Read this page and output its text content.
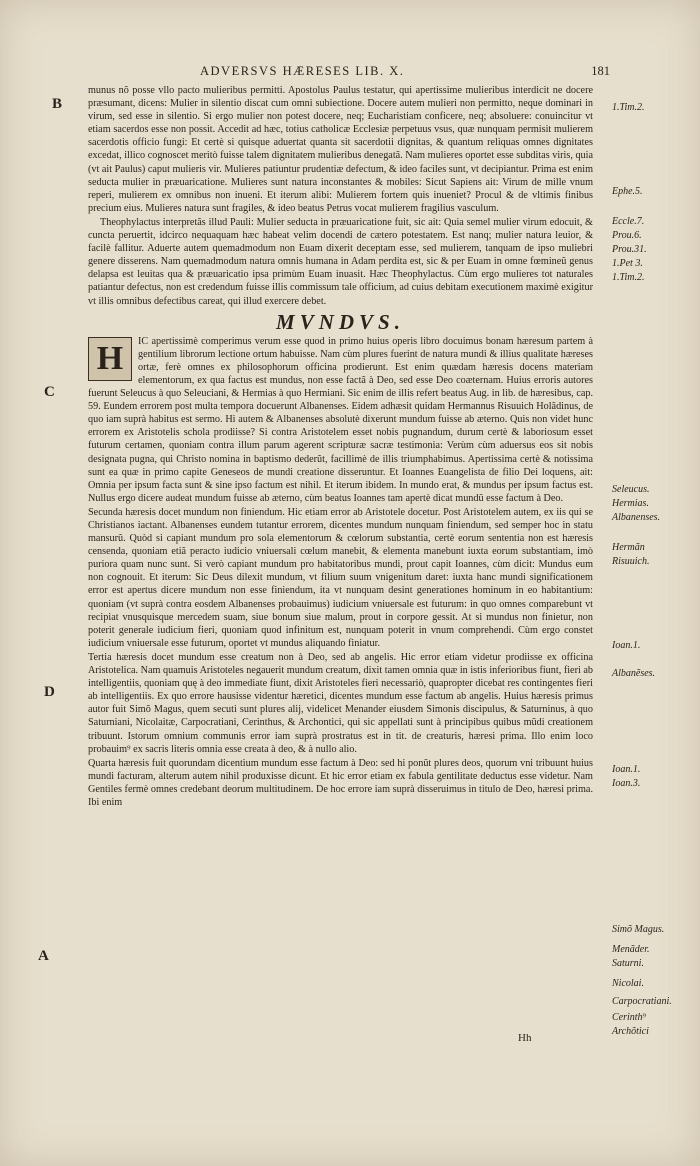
ADVERSVS HÆRESES LIB. X.	181
B
C
D
A

munus nõ posse vllo pacto mulieribus permitti. Apostolus Paulus testatur, qui apertissime mulieribus interdicit ne docere præsumant, dicens: Mulier in silentio discat cum omni subiectione. Docere autem mulieri non permitto, neque dominari in virum, sed esse in silentio. Si ergo mulier non potest docere, neq; Eucharistiam conficere, neq; absoluere: conuincitur vt etiam sacerdos esse non possit. Accedit ad hæc, totius catholicæ Ecclesiæ perpetuus vsus, quæ nunquam permisit mulierem sacerdotis officio fungi: Et certè si quisque aduertat quanta sit sacerdotii dignitas, & quantum reliquas omnes dignitates excedat, illico cognoscet meritò fuisse talem dignitatem mulieribus denegatã. Nam mulieres oportet esse subditas viris, quia (vt ait Paulus) caput mulieris vir. Mulieres patiuntur prudentiæ defectum, & ideo faciles sunt, vt decipiantur. Prima est enim seducta mulier in præuaricatione. Mulieres sunt natura inconstantes & mobiles: Sicut Sapiens ait: Virum de mille vnum reperi, mulierem ex omnibus non inueni. Et iterum alibi: Mulierem fortem quis inueniet? Procul & de vltimis finibus precium eius. Mulieres natura sunt fragiles, & ideo beatus Petrus vocat mulierem fragilius vasculum.

Theophylactus interpretãs illud Pauli: Mulier seducta in præuaricatione fuit, sic ait: Quia semel mulier virum edocuit, & cuncta peruertit, idcirco nequaquam hæc habeat velim docendi de cætero potestatem. Est nanq; mulier natura leuior, & facilè fallitur. Aduerte autem quemadmodum non Euam dixerit deceptam esse, sed mulierem, tanquam de ipso muliebri genere disserens. Nam quemadmodum natura omnis humana in Adam perdita est, sic & per Euam in omne fœmineũ genus delapsa est leuitas qua & præuaricatio ipsa primùm Euam inuasit. Hæc Theophylactus. Cùm ergo mulieres tot naturales patiantur defectus, non est credendum fuisse illis commissum tale officium, ad cuius debitam executionem maximè exigitur vt illis omnibus defectibus careat, qui illud exercere debet.

MVNDVS.
H	IC apertissimè comperimus verum esse quod in primo huius operis libro docuimus bonam hæresum partem à gentilium librorum lectione ortum habuisse. Nam cùm plures fuerint de natura mundi & illius qualitate hæreses ortæ, ferè omnes ex philosophorum officina prodierunt. Est enim quædam hæresis docens materiam elementorum, ex qua factus est mundus, non esse factã à Deo, sed esse Deo coæternam. Huius erroris autores fuerunt Seleucus à quo Seleuciani, & Hermias à quo Hermiani. Sic enim de illis refert beatus Aug. in lib. de hæresibus, cap. 59. Eundem errorem post multa tempora docuerunt Albanenses. Eidem adhæsit quidam Hermannus Risuuich Holãdinus, de quo iam suprà habitus est sermo. Hi autem & Albanenses absolutè dixerunt mundum fuisse ab æterno. Quis non videt hunc errorem ex Aristotelis schola prodiisse? Si contra Aristotelem esset nobis pugnandum, durum certè & laboriosum esset futurum certamen, quoniam contra illum parum agerent scripturæ sacræ testimonia: Verùm cùm aduersus eos sit nobis designata pugna, qui Christo nomina in baptismo dederũt, facillimè de illis triumphabimus. Apertissima certè & notissima sunt ea quæ in primo capite Geneseos de mundi creatione disseruntur. Et Ioannes Euangelista de filio Dei loquens, ait: Omnia per ipsum facta sunt & sine ipso factum est nihil. Et iterum ibidem. In mundo erat, & mundus per ipsum factus est. Nullus ergo dicere audeat mundum fuisse ab æterno, cùm beatus Ioannes tam apertè dicat mundũ esse factum à Deo.

Secunda hæresis docet mundum non finiendum. Hic etiam error ab Aristotele docetur. Post Aristotelem autem, ex iis qui se Christianos iactant. Albanenses eundem tutantur errorem, dicentes mundum nunquam finiendum, sed semper hoc in statu mansurũ. Quòd si capiant mundum pro sola elementorum & cœlorum substantia, certè eorum sententia non est hæresis censenda, quoniam etiã peracto iudicio vniuersali cœlum manebit, & elementa manebunt iuxta eorum substantiam, imò puriora quam nunc sunt. Si verò capiant mundum pro habitatoribus mundi, prout capit Ioannes, cùm dicit: Mundus eum non cognouit. Et iterum: Sic Deus dilexit mundum, vt filium suum vnigenitum daret: iuxta hanc mundi significationem error est apertus dicere mundum non esse finiendum, ita vt nunquam desint generationes hominum in eo habitantium: quoniam (vt suprà contra eosdem Albanenses probauimus) iudicium vniuersale est futurum: in quo omnes comparebunt vt recipiat vnusquisque mercedem suam, siue bonum siue malum, prout in corpore gessit. At si mundus non finietur, non poterit generale iudicium fieri, quoniam quod infinitum est, nunquam poterit in vnum comprehendi. Cùm ergo constet iudicium vniuersale esse futurum, oportet vt mundus aliquando finiatur.

Tertia hæresis docet mundum esse creatum non à Deo, sed ab angelis. Hic error etiam videtur prodiisse ex officina Aristotelica. Nam quamuis Aristoteles negauerit mundum creatum, dixit tamen omnia quæ in istis inferioribus fiunt, fieri ab intelligentiis, quoniam quę à deo immediate fiunt, dixit Aristoteles fieri necessariò, quapropter dicebat res contingentes fieri ab intelligentiis. Ex quo errore hausisse videntur hæretici, dicentes mundum esse factum ab angelis. Huius hæresis primus autor fuit Simõ Magus, quem secuti sunt plures alij, videlicet Menander eiusdem Simonis discipulus, & Saturninus, à quo Saturniani, Nicolaitæ, Carpocratiani, Cerinthus, & Archontici, qui sic appellati sunt à principibus quibus mũdi creationem tribuunt. Istorum omnium communis error iam suprà prostratus est in tit. de creaturis, hæresi prima. Illo enim loco probauim⁹ ex sacris literis omnia esse creata à deo, & à nullo alio.

Quarta hæresis fuit quorundam dicentium mundum esse factum à Deo: sed hi ponũt plures deos, quorum vni tribuunt huius mundi facturam, alterum autem nihil produxisse dicunt. Et hic error etiam ex fabula gentilitate deductus esse videtur. Nam Gentiles fermè omnes credebant deorum multitudinem. De hoc errore iam suprà disseruimus in titulo de Deo, hæresi prima. Ibi enim

1.Tim.2.
Ephe.5.
Eccle.7.
Prou.6.
Prou.31.
1.Pet 3.
1.Tim.2.
Seleucus.
Hermias.
Albanenses.
Hermãn
Risuuich.
Ioan.1.
Albanẽses.
Ioan.1.
Ioan.3.
Simõ Magus.
Menãder.
Saturni.
Nicolai.
Carpocratiani.
Cerinth⁹
Archõtici
Hh
